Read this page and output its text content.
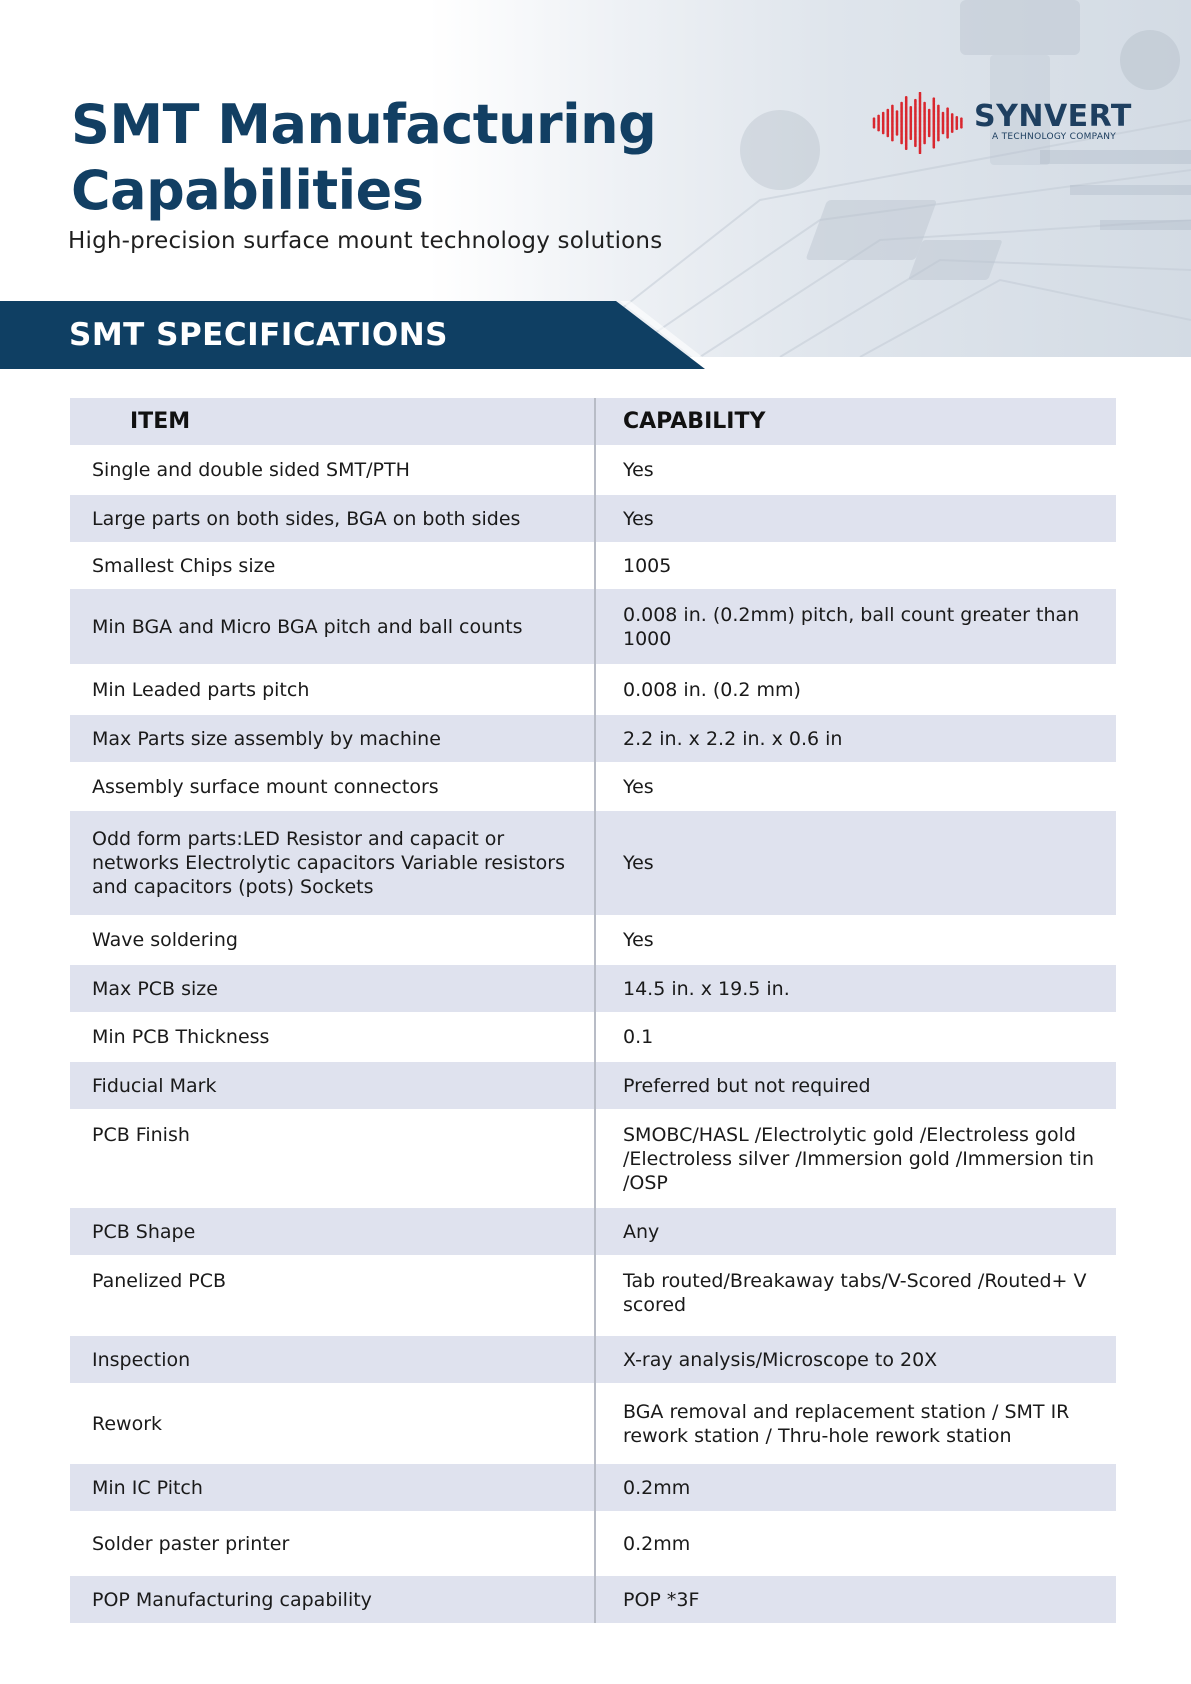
SMT Manufacturing Capabilities

High-precision surface mount technology solutions

SYNVERT
A TECHNOLOGY COMPANY
SMT SPECIFICATIONS
ITEM	CAPABILITY
Single and double sided SMT/PTH	Yes
Large parts on both sides, BGA on both sides	Yes
Smallest Chips size	1005
Min BGA and Micro BGA pitch and ball counts	0.008 in. (0.2mm) pitch, ball count greater than 1000
Min Leaded parts pitch	0.008 in. (0.2 mm)
Max Parts size assembly by machine	2.2 in. x 2.2 in. x 0.6 in
Assembly surface mount connectors	Yes
Odd form parts:LED Resistor and capacit or networks Electrolytic capacitors Variable resistors and capacitors (pots) Sockets	Yes
Wave soldering	Yes
Max PCB size	14.5 in. x 19.5 in.
Min PCB Thickness	0.1
Fiducial Mark	Preferred but not required
PCB Finish	SMOBC/HASL /Electrolytic gold /Electroless gold /Electroless silver /Immersion gold /Immersion tin /OSP
PCB Shape	Any
Panelized PCB	Tab routed/Breakaway tabs/V-Scored /Routed+ V scored
Inspection	X-ray analysis/Microscope to 20X
Rework	BGA removal and replacement station / SMT IR rework station / Thru-hole rework station
Min IC Pitch	0.2mm
Solder paster printer	0.2mm
POP Manufacturing capability	POP *3F
